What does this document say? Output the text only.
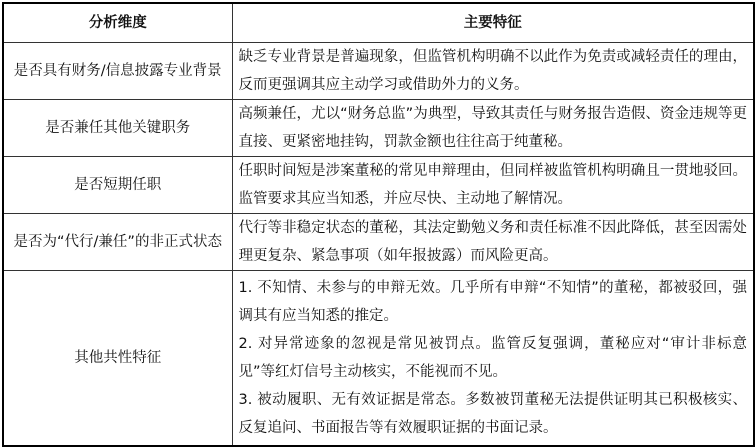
分析维度	主要特征
是否具有财务/信息披露专业背景	缺乏专业背景是普遍现象，但监管机构明确不以此作为免责或减轻责任的理由，反而更强调其应主动学习或借助外力的义务。
是否兼任其他关键职务	高频兼任，尤以“财务总监”为典型，导致其责任与财务报告造假、资金违规等更直接、更紧密地挂钩，罚款金额也往往高于纯董秘。
是否短期任职	任职时间短是涉案董秘的常见申辩理由，但同样被监管机构明确且一贯地驳回。监管要求其应当知悉，并应尽快、主动地了解情况。
是否为“代行/兼任”的非正式状态	代行等非稳定状态的董秘，其法定勤勉义务和责任标准不因此降低，甚至因需处理更复杂、紧急事项（如年报披露）而风险更高。
其他共性特征	1. 不知情、未参与的申辩无效。几乎所有申辩“不知情”的董秘，都被驳回，强调其有应当知悉的推定。
2. 对异常迹象的忽视是常见被罚点。监管反复强调，董秘应对“审计非标意见”等红灯信号主动核实，不能视而不见。
3. 被动履职、无有效证据是常态。多数被罚董秘无法提供证明其已积极核实、反复追问、书面报告等有效履职证据的书面记录。
